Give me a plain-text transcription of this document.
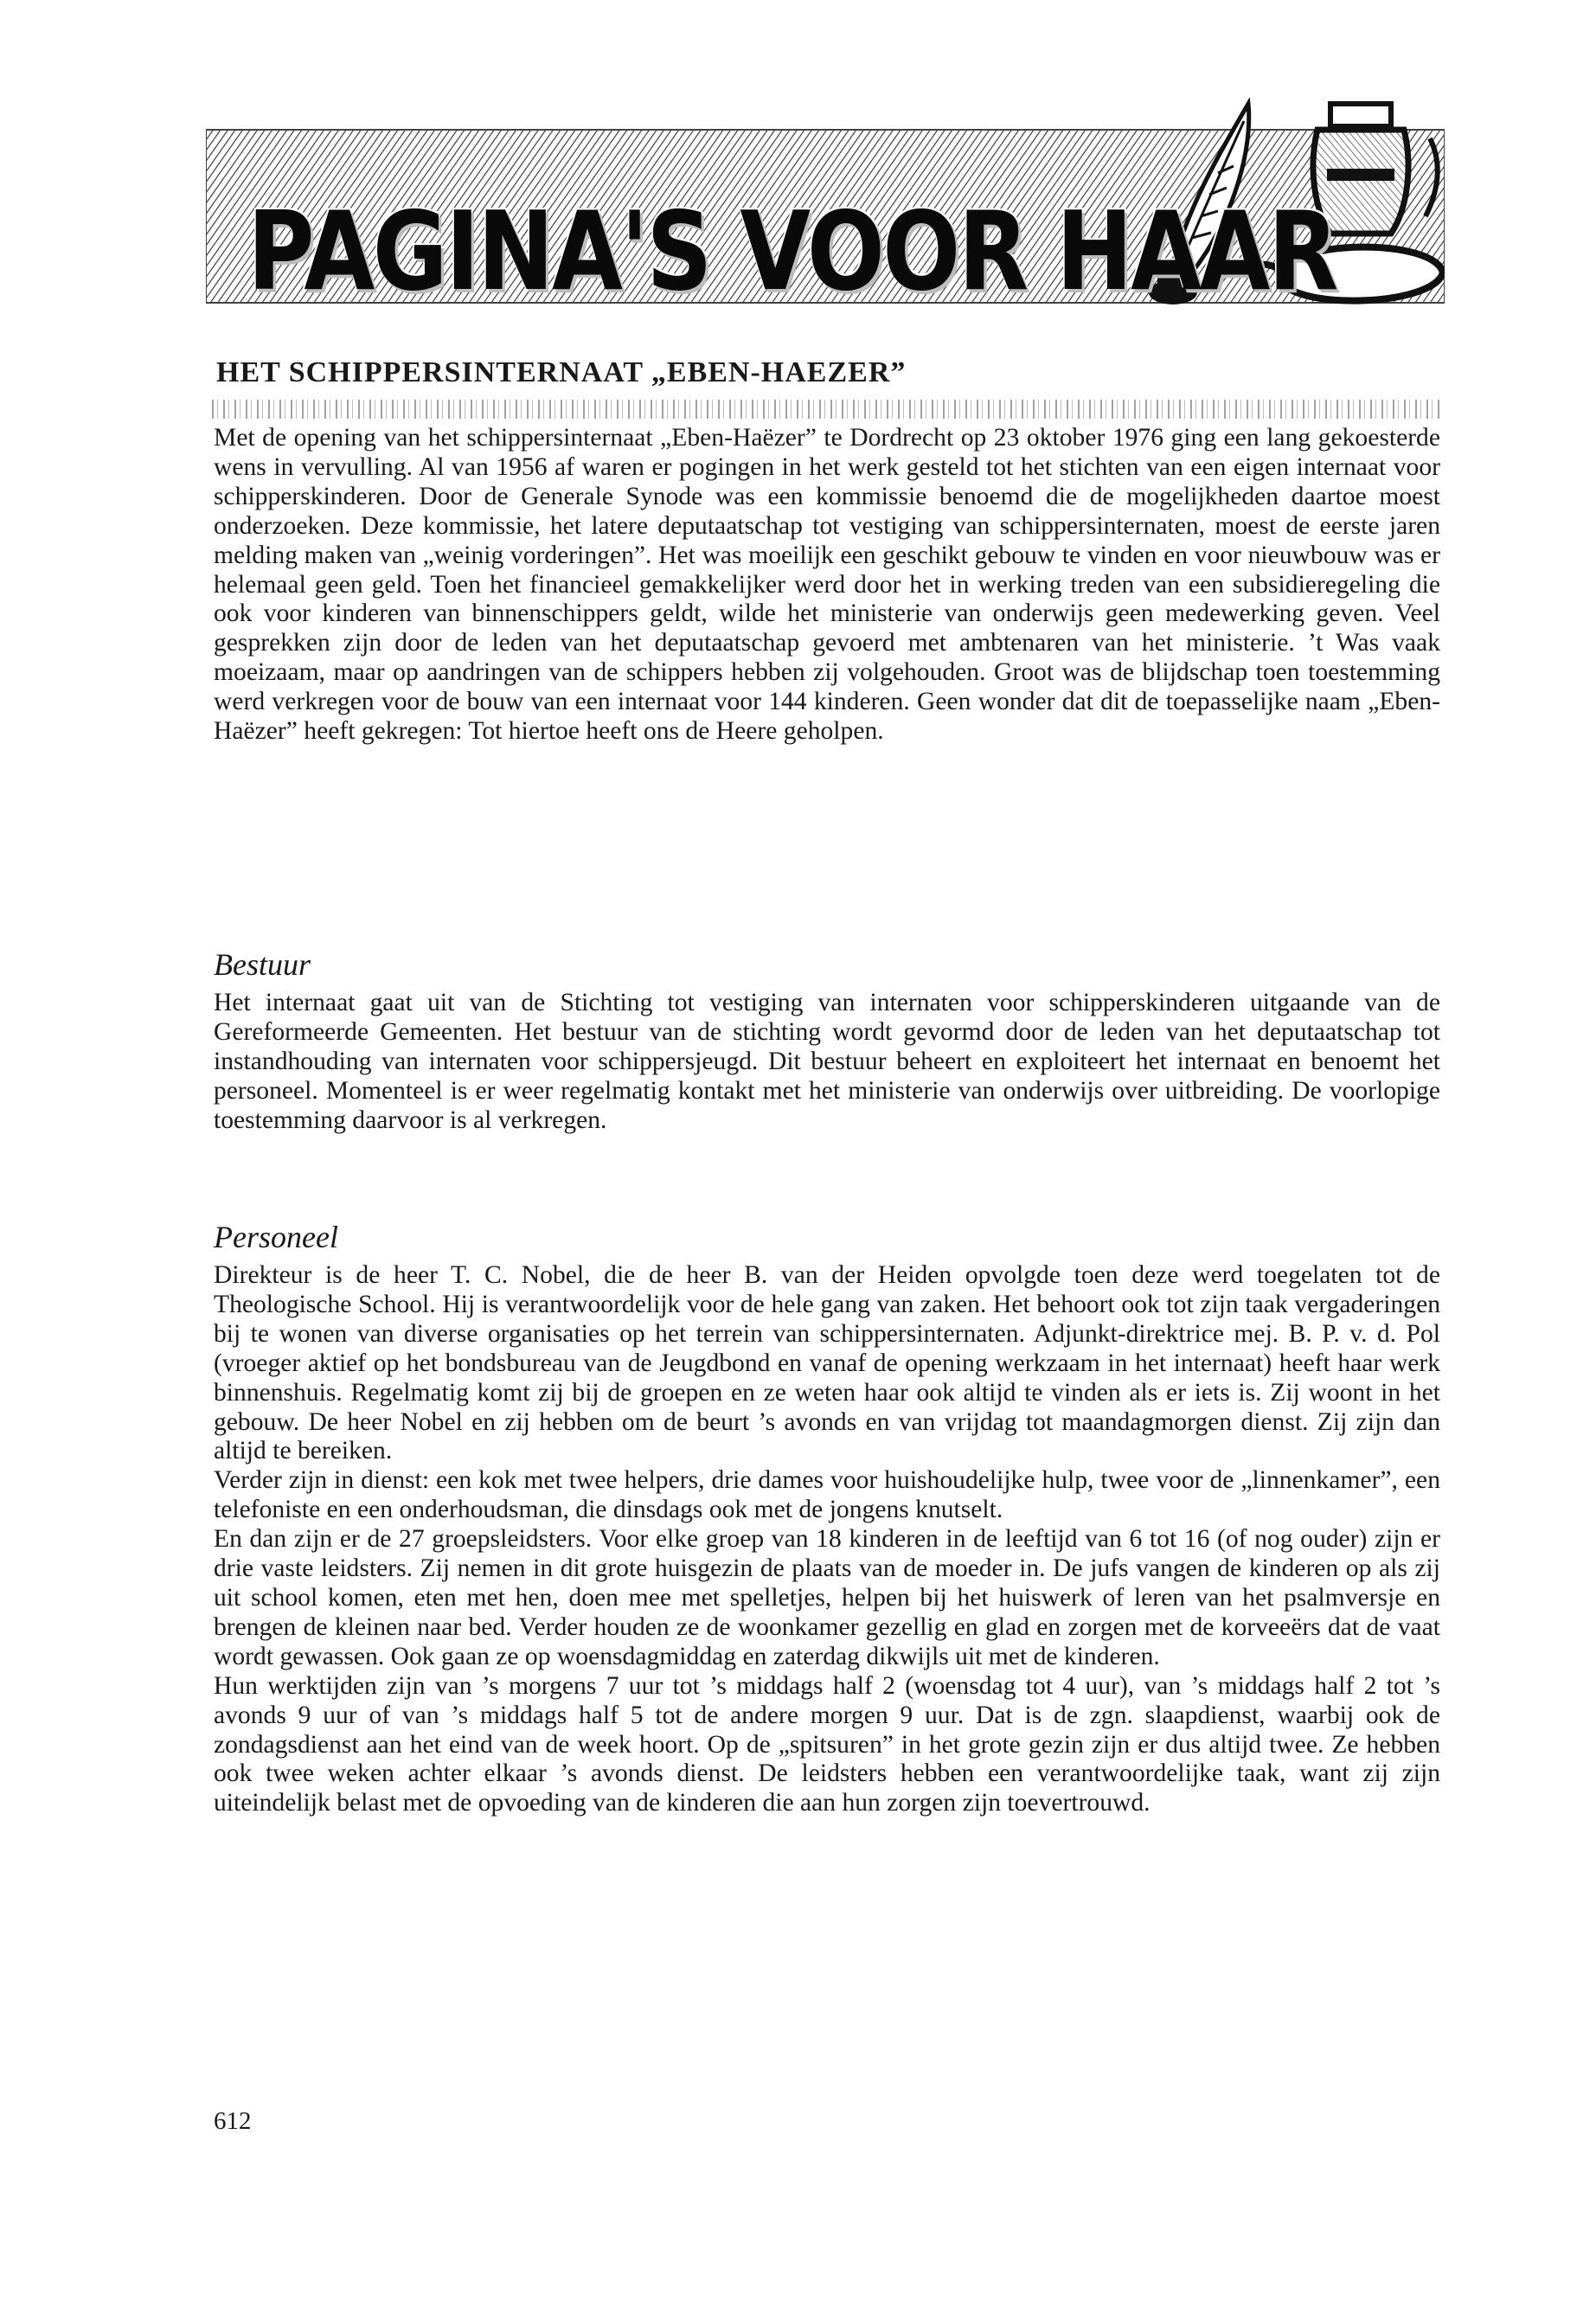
PAGINA'S VOOR HAAR
HET SCHIPPERSINTERNAAT „EBEN-HAEZER”

Met de opening van het schippersinternaat „Eben-Haëzer” te Dordrecht op 23 oktober 1976 ging een lang gekoesterde wens in vervulling. Al van 1956 af waren er pogingen in het werk gesteld tot het stichten van een eigen internaat voor schipperskinderen. Door de Generale Synode was een kommissie benoemd die de mogelijkheden daartoe moest onderzoeken. Deze kommissie, het latere deputaatschap tot vestiging van schippersinternaten, moest de eerste jaren melding maken van „weinig vorderingen”. Het was moeilijk een geschikt gebouw te vinden en voor nieuwbouw was er helemaal geen geld. Toen het financieel gemakkelijker werd door het in werking treden van een subsidieregeling die ook voor kinderen van binnenschippers geldt, wilde het ministerie van onderwijs geen medewerking geven. Veel gesprekken zijn door de leden van het deputaatschap gevoerd met ambtenaren van het ministerie. ’t Was vaak moeizaam, maar op aandringen van de schippers hebben zij volgehouden. Groot was de blijdschap toen toestemming werd verkregen voor de bouw van een internaat voor 144 kinderen. Geen wonder dat dit de toepasselijke naam „Eben-Haëzer” heeft gekregen: Tot hiertoe heeft ons de Heere geholpen.

Bestuur

Het internaat gaat uit van de Stichting tot vestiging van internaten voor schipperskinderen uitgaande van de Gereformeerde Gemeenten. Het bestuur van de stichting wordt gevormd door de leden van het deputaatschap tot instandhouding van internaten voor schippersjeugd. Dit bestuur beheert en exploiteert het internaat en benoemt het personeel. Momenteel is er weer regelmatig kontakt met het ministerie van onderwijs over uitbreiding. De voorlopige toestemming daarvoor is al verkregen.

Personeel

Direkteur is de heer T. C. Nobel, die de heer B. van der Heiden opvolgde toen deze werd toegelaten tot de Theologische School. Hij is verantwoordelijk voor de hele gang van zaken. Het behoort ook tot zijn taak vergaderingen bij te wonen van diverse organisaties op het terrein van schippersinternaten. Adjunkt-direktrice mej. B. P. v. d. Pol (vroeger aktief op het bondsbureau van de Jeugdbond en vanaf de opening werkzaam in het internaat) heeft haar werk binnenshuis. Regelmatig komt zij bij de groepen en ze weten haar ook altijd te vinden als er iets is. Zij woont in het gebouw. De heer Nobel en zij hebben om de beurt ’s avonds en van vrijdag tot maandagmorgen dienst. Zij zijn dan altijd te bereiken.

Verder zijn in dienst: een kok met twee helpers, drie dames voor huishoudelijke hulp, twee voor de „linnenkamer”, een telefoniste en een onderhoudsman, die dinsdags ook met de jongens knutselt.

En dan zijn er de 27 groepsleidsters. Voor elke groep van 18 kinderen in de leeftijd van 6 tot 16 (of nog ouder) zijn er drie vaste leidsters. Zij nemen in dit grote huisgezin de plaats van de moeder in. De jufs vangen de kinderen op als zij uit school komen, eten met hen, doen mee met spelletjes, helpen bij het huiswerk of leren van het psalmversje en brengen de kleinen naar bed. Verder houden ze de woonkamer gezellig en glad en zorgen met de korveeërs dat de vaat wordt gewassen. Ook gaan ze op woensdagmiddag en zaterdag dikwijls uit met de kinderen.

Hun werktijden zijn van ’s morgens 7 uur tot ’s middags half 2 (woensdag tot 4 uur), van ’s middags half 2 tot ’s avonds 9 uur of van ’s middags half 5 tot de andere morgen 9 uur. Dat is de zgn. slaapdienst, waarbij ook de zondagsdienst aan het eind van de week hoort. Op de „spitsuren” in het grote gezin zijn er dus altijd twee. Ze hebben ook twee weken achter elkaar ’s avonds dienst. De leidsters hebben een verantwoordelijke taak, want zij zijn uiteindelijk belast met de opvoeding van de kinderen die aan hun zorgen zijn toevertrouwd.

612
